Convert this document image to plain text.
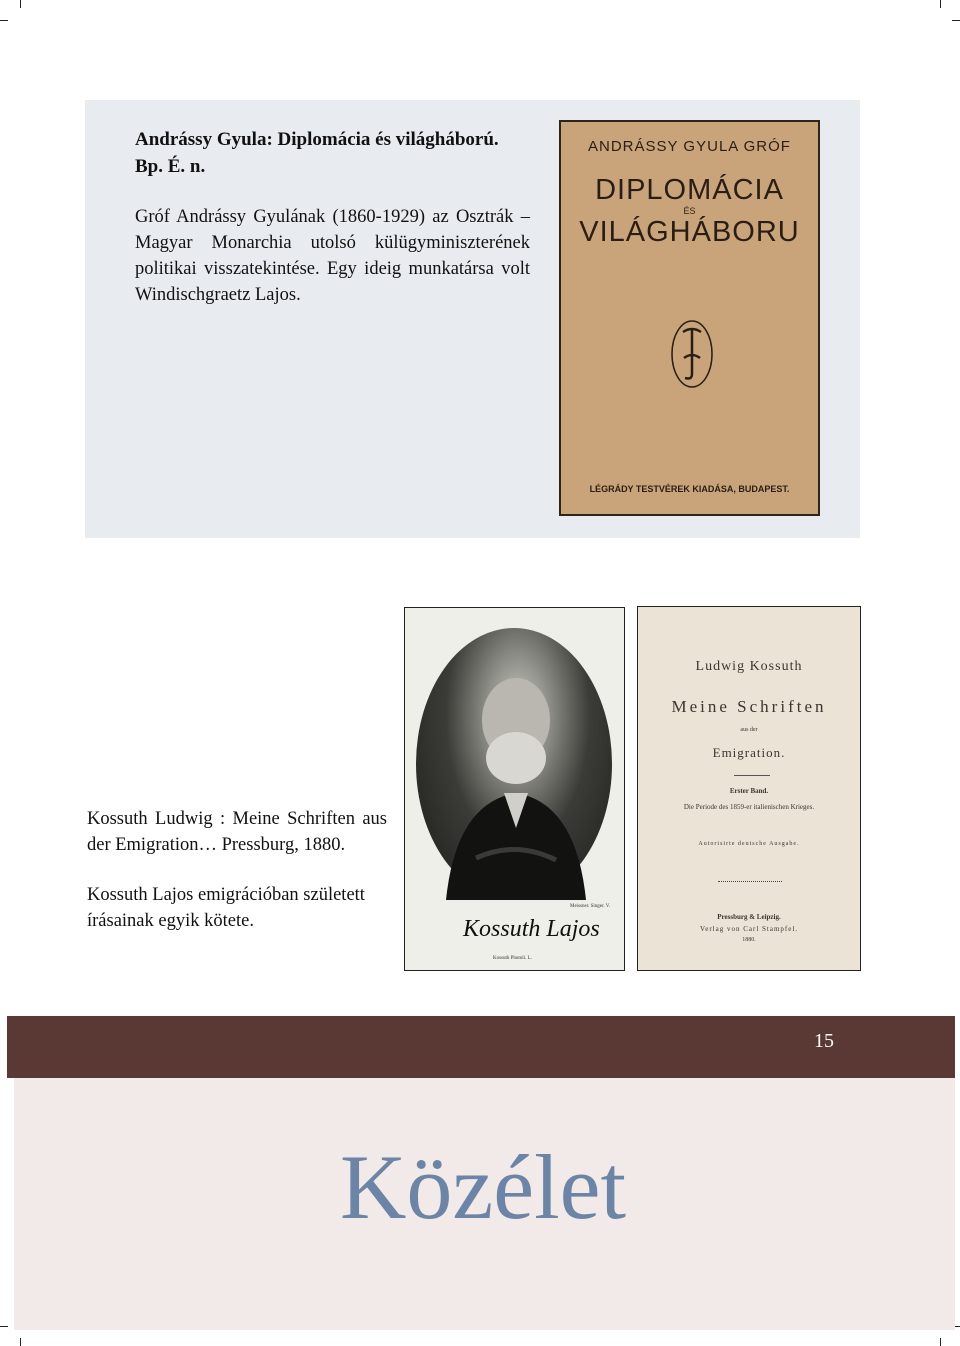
Andrássy Gyula: Diplomácia és világháború. Bp. É. n.

Gróf Andrássy Gyulának (1860-1929) az Osztrák – Magyar Monarchia utolsó külügyminiszterének politikai visszatekintése. Egy ideig munkatársa volt Windischgraetz Lajos.

ANDRÁSSY GYULA GRÓF
DIPLOMÁCIA
ÉS
VILÁGHÁBORU
LÉGRÁDY TESTVÉREK KIADÁSA, BUDAPEST.

Kossuth Ludwig : Meine Schriften aus der Emigration… Pressburg, 1880.

Kossuth Lajos emigrációban született írásainak egyik kötete.

Meissner. Singer. V.
Kossuth Lajos
Kossuth Photoli. L.
Ludwig Kossuth
Meine Schriften
aus der
Emigration.
Erster Band.
Die Periode des 1859-er italienischen Krieges.
Autorisirte deutsche Ausgabe.
Pressburg & Leipzig.
Verlag von Carl Stampfel.
1880.
15
Közélet
